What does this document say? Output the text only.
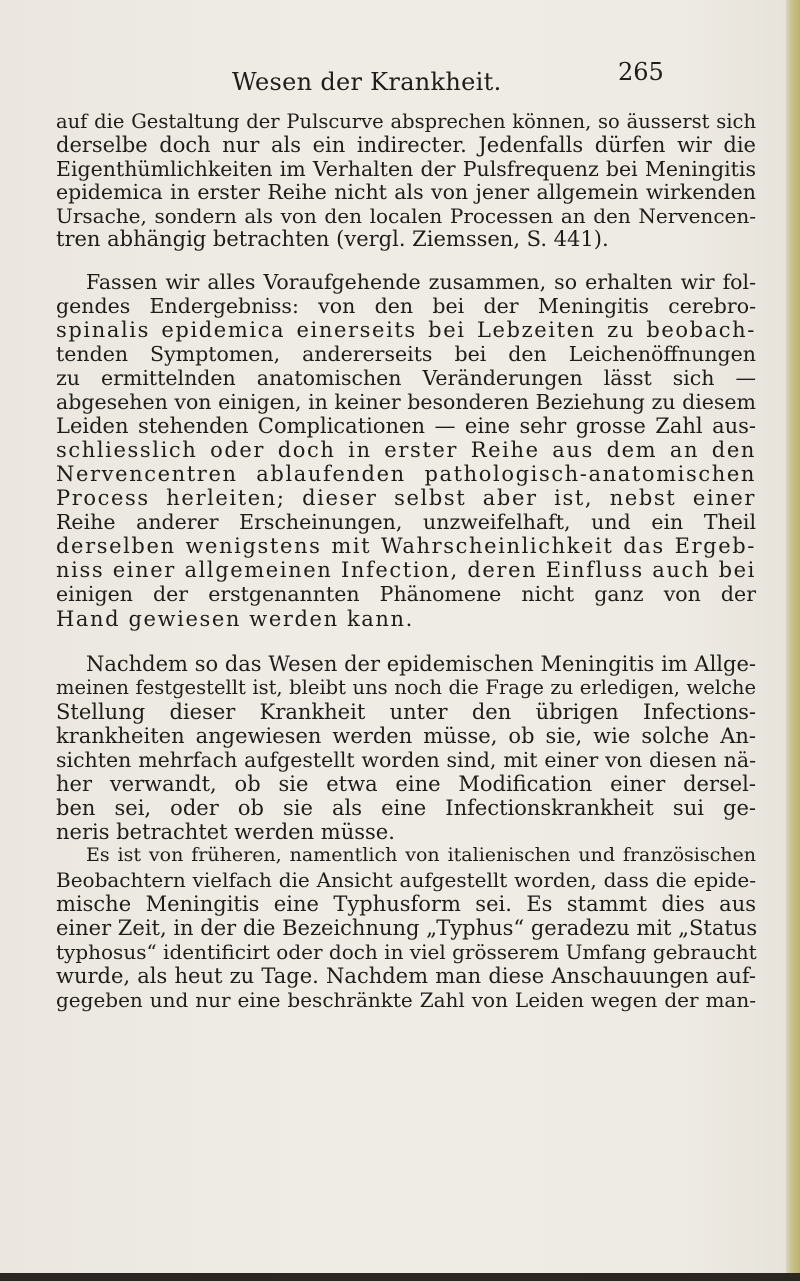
Wesen der Krankheit.	265
auf die Gestaltung der Pulscurve absprechen können, so äusserst sich
derselbe doch nur als ein indirecter. Jedenfalls dürfen wir die
Eigenthümlichkeiten im Verhalten der Pulsfrequenz bei Meningitis
epidemica in erster Reihe nicht als von jener allgemein wirkenden
Ursache, sondern als von den localen Processen an den Nervencen-
tren abhängig betrachten (vergl. Ziemssen, S. 441).
Fassen wir alles Voraufgehende zusammen, so erhalten wir fol-
gendes Endergebniss: von den bei der Meningitis cerebro-
spinalis epidemica einerseits bei Lebzeiten zu beobach-
tenden Symptomen, andererseits bei den Leichenöffnungen
zu ermittelnden anatomischen Veränderungen lässt sich —
abgesehen von einigen, in keiner besonderen Beziehung zu diesem
Leiden stehenden Complicationen — eine sehr grosse Zahl aus-
schliesslich oder doch in erster Reihe aus dem an den
Nervencentren ablaufenden pathologisch-anatomischen
Process herleiten; dieser selbst aber ist, nebst einer
Reihe anderer Erscheinungen, unzweifelhaft, und ein Theil
derselben wenigstens mit Wahrscheinlichkeit das Ergeb-
niss einer allgemeinen Infection, deren Einfluss auch bei
einigen der erstgenannten Phänomene nicht ganz von der
Hand gewiesen werden kann.
Nachdem so das Wesen der epidemischen Meningitis im Allge-
meinen festgestellt ist, bleibt uns noch die Frage zu erledigen, welche
Stellung dieser Krankheit unter den übrigen Infections-
krankheiten angewiesen werden müsse, ob sie, wie solche An-
sichten mehrfach aufgestellt worden sind, mit einer von diesen nä-
her verwandt, ob sie etwa eine Modification einer dersel-
ben sei, oder ob sie als eine Infectionskrankheit sui ge-
neris betrachtet werden müsse.
Es ist von früheren, namentlich von italienischen und französischen
Beobachtern vielfach die Ansicht aufgestellt worden, dass die epide-
mische Meningitis eine Typhusform sei. Es stammt dies aus
einer Zeit, in der die Bezeichnung „Typhus“ geradezu mit „Status
typhosus“ identificirt oder doch in viel grösserem Umfang gebraucht
wurde, als heut zu Tage. Nachdem man diese Anschauungen auf-
gegeben und nur eine beschränkte Zahl von Leiden wegen der man-
